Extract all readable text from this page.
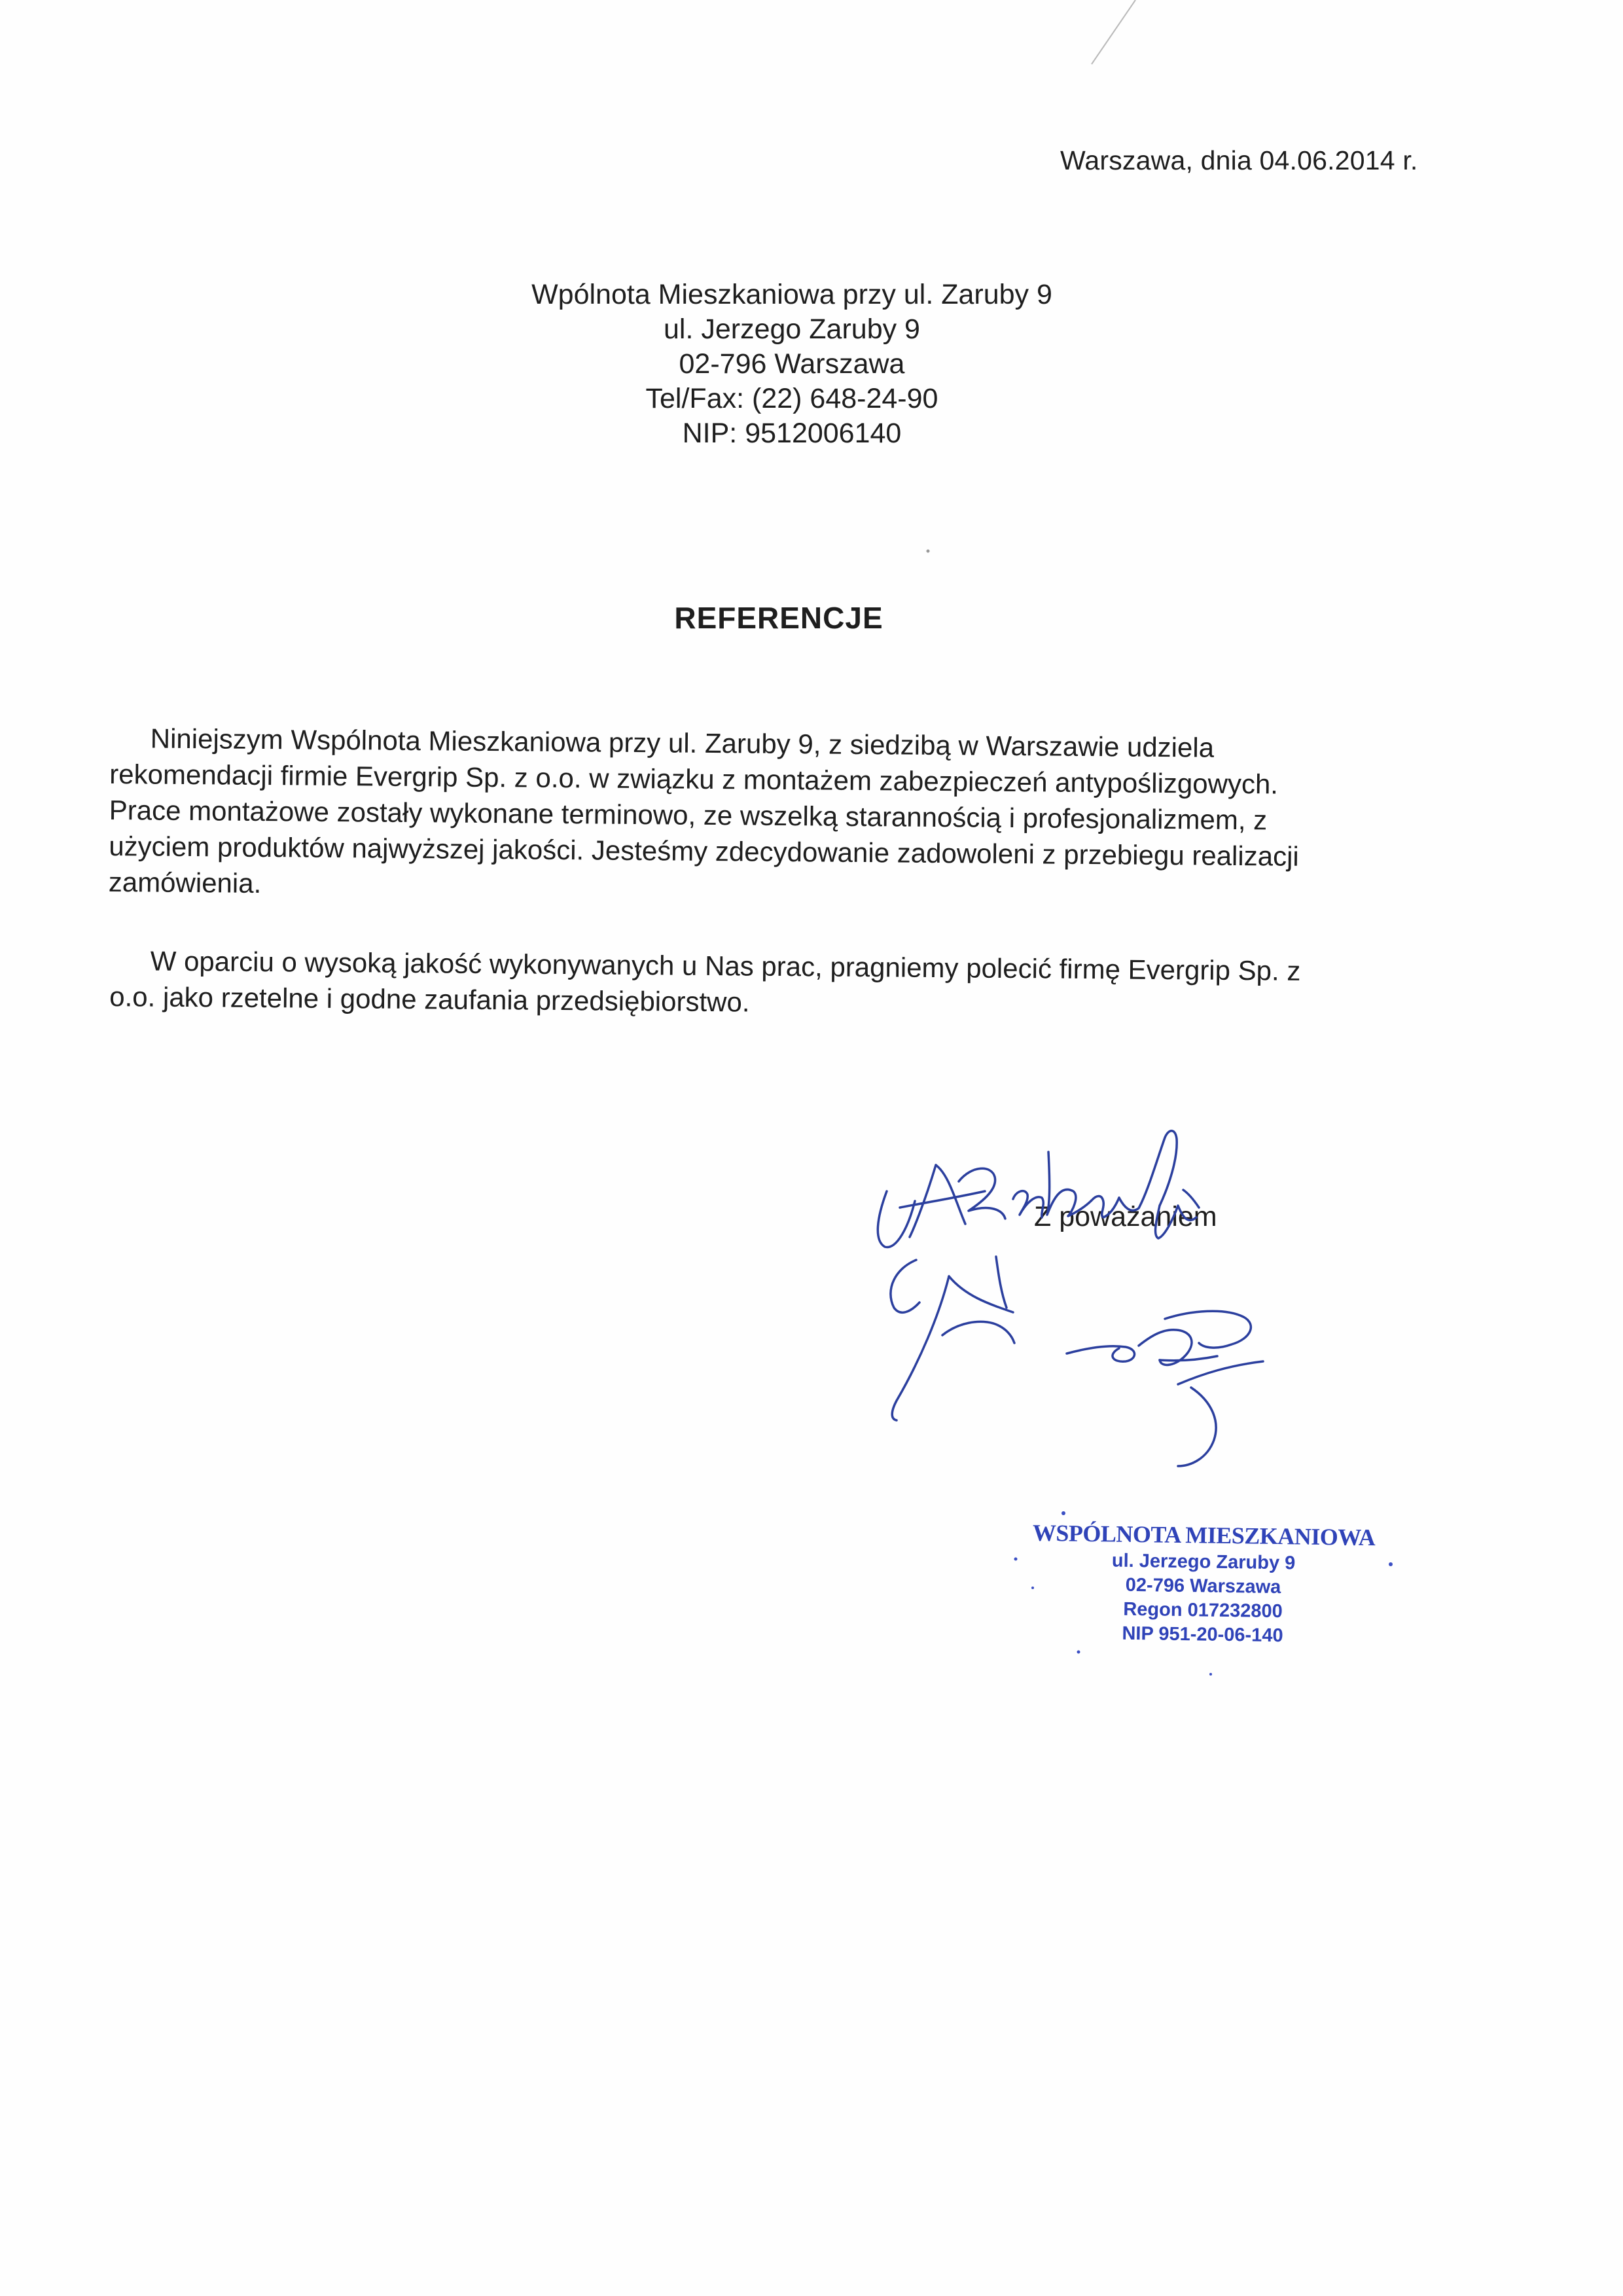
Warszawa, dnia 04.06.2014 r.
Wpólnota Mieszkaniowa przy ul. Zaruby 9
ul. Jerzego Zaruby 9
02-796 Warszawa
Tel/Fax: (22) 648-24-90
NIP: 9512006140
REFERENCJE
Niniejszym Wspólnota Mieszkaniowa przy ul. Zaruby 9, z siedzibą w Warszawie udziela
rekomendacji firmie Evergrip Sp. z o.o. w związku z montażem zabezpieczeń antypoślizgowych.
Prace montażowe zostały wykonane terminowo, ze wszelką starannością i profesjonalizmem, z
użyciem produktów najwyższej jakości. Jesteśmy zdecydowanie zadowoleni z przebiegu realizacji
zamówienia.
W oparciu o wysoką jakość wykonywanych u Nas prac, pragniemy polecić firmę Evergrip Sp. z
o.o. jako rzetelne i godne zaufania przedsiębiorstwo.
Z poważaniem
WSPÓLNOTA MIESZKANIOWA
ul. Jerzego Zaruby 9
02-796 Warszawa
Regon 017232800
NIP 951-20-06-140
